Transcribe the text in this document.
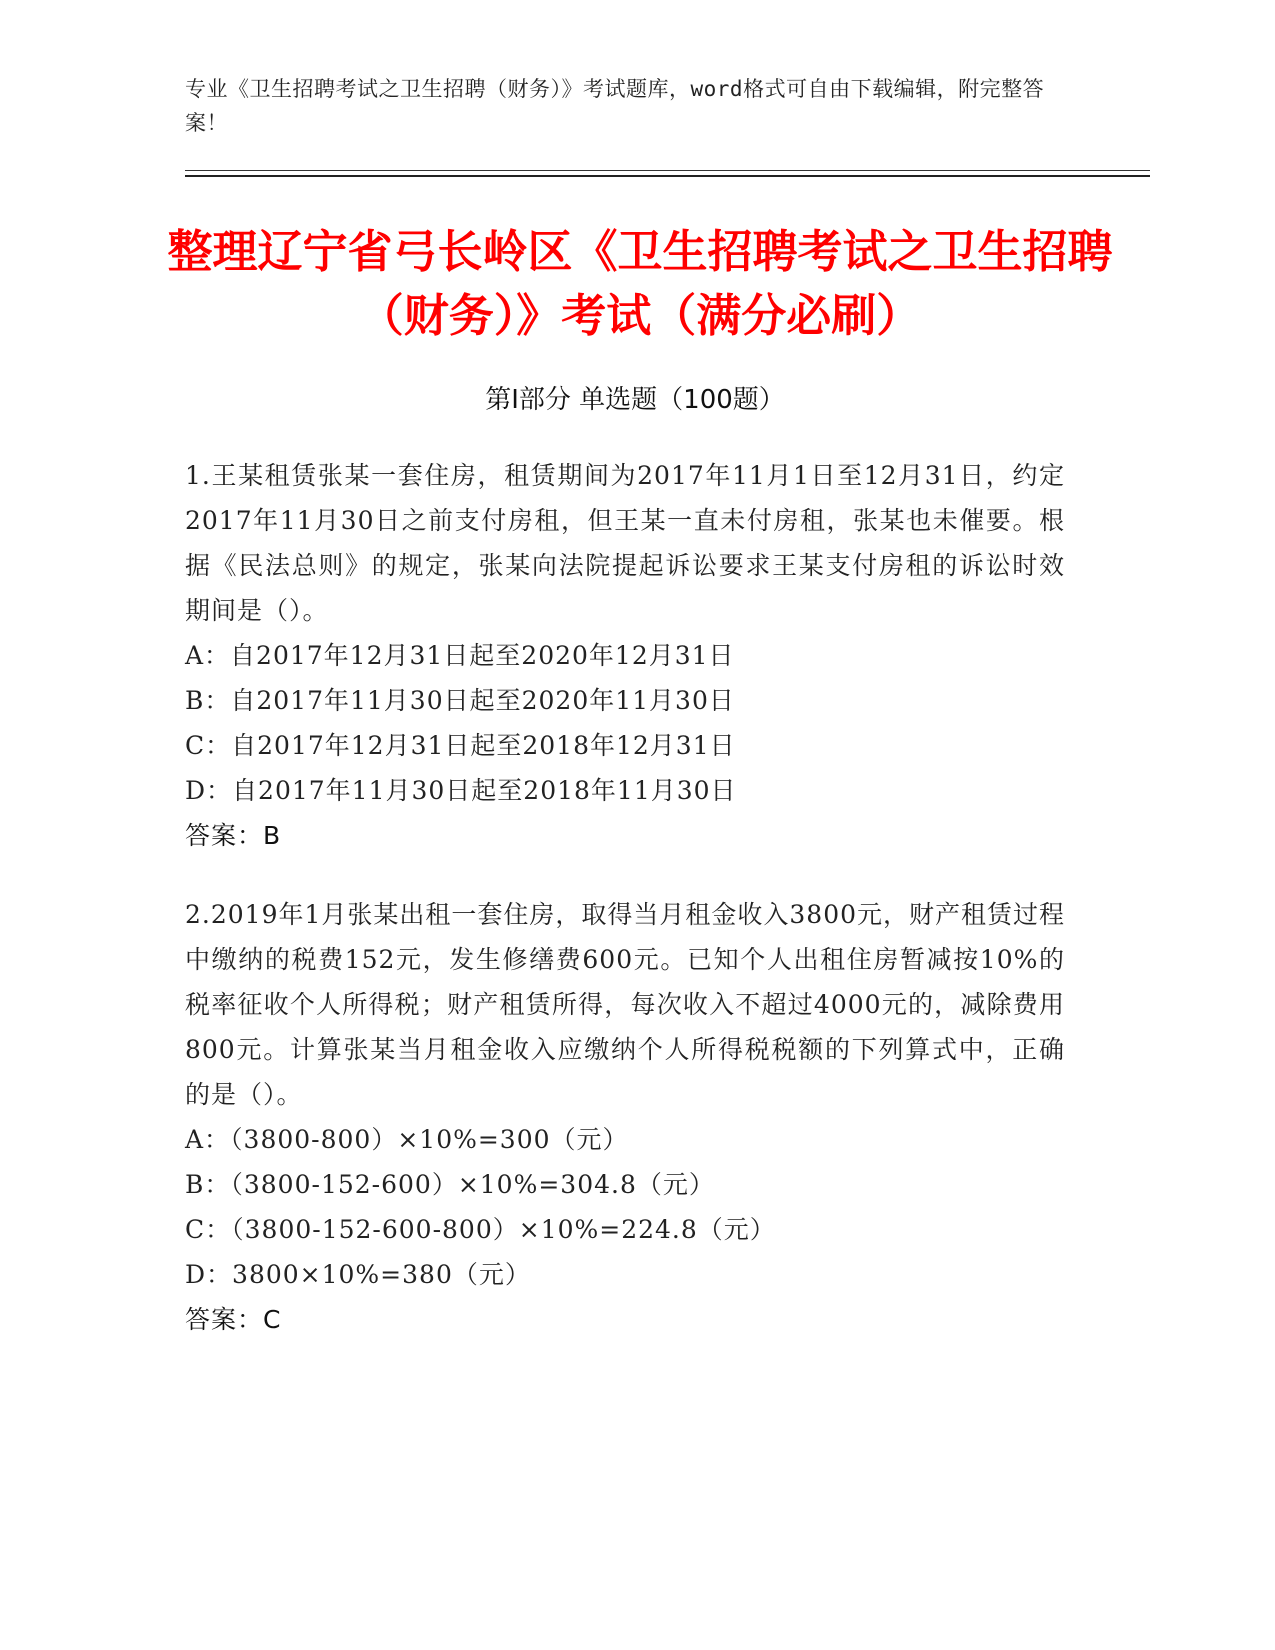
专业《卫生招聘考试之卫生招聘（财务）》考试题库，word格式可自由下载编辑，附完整答案！
整理辽宁省弓长岭区《卫生招聘考试之卫生招聘（财务）》考试（满分必刷）
第Ⅰ部分 单选题（100题）

1.王某租赁张某一套住房，租赁期间为2017年11月1日至12月31日，约定2017年11月30日之前支付房租，但王某一直未付房租，张某也未催要。根据《民法总则》的规定，张某向法院提起诉讼要求王某支付房租的诉讼时效期间是（）。

A：自2017年12月31日起至2020年12月31日

B：自2017年11月30日起至2020年11月30日

C：自2017年12月31日起至2018年12月31日

D：自2017年11月30日起至2018年11月30日

答案：B

2.2019年1月张某出租一套住房，取得当月租金收入3800元，财产租赁过程中缴纳的税费152元，发生修缮费600元。已知个人出租住房暂减按10%的税率征收个人所得税；财产租赁所得，每次收入不超过4000元的，减除费用800元。计算张某当月租金收入应缴纳个人所得税税额的下列算式中，正确的是（）。

A：（3800-800）×10%=300（元）

B：（3800-152-600）×10%=304.8（元）

C：（3800-152-600-800）×10%=224.8（元）

D：3800×10%=380（元）

答案：C
